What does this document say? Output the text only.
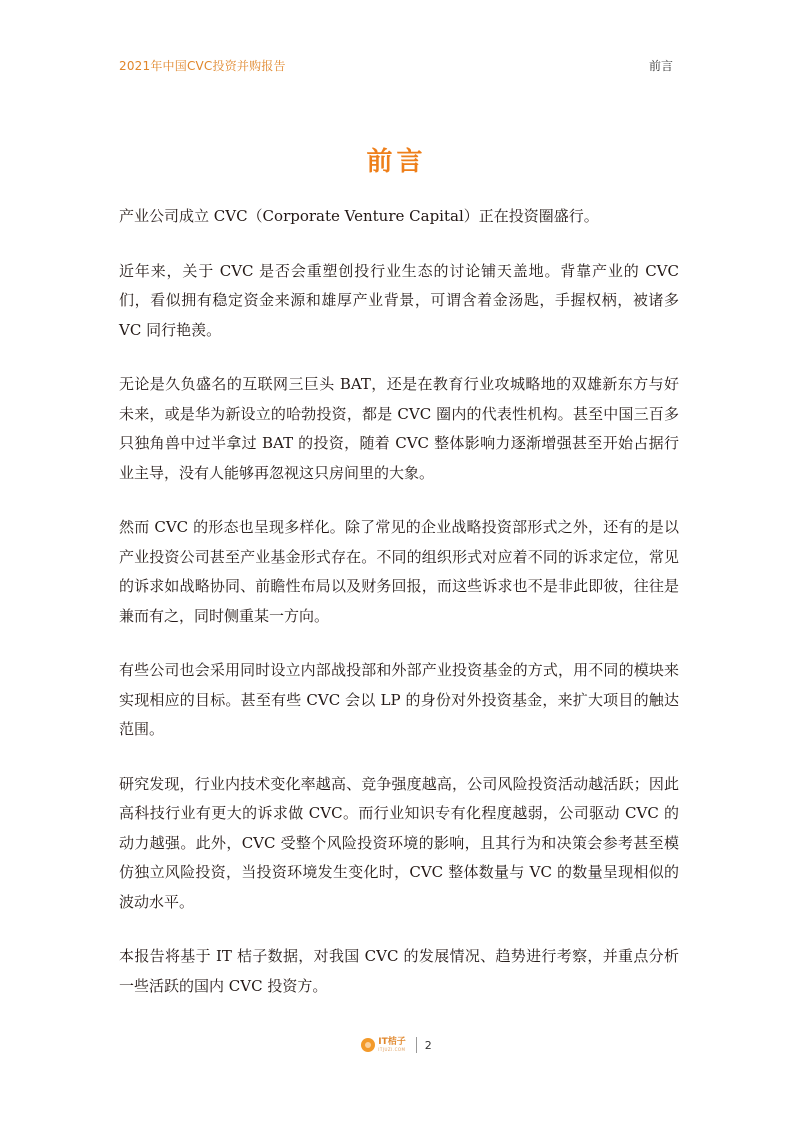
2021年中国CVC投资并购报告	前言
前言

产业公司成立 CVC（Corporate Venture Capital）正在投资圈盛行。

近年来，关于 CVC 是否会重塑创投行业生态的讨论铺天盖地。背靠产业的 CVC 们，看似拥有稳定资金来源和雄厚产业背景，可谓含着金汤匙，手握权柄，被诸多 VC 同行艳羡。

无论是久负盛名的互联网三巨头 BAT，还是在教育行业攻城略地的双雄新东方与好未来，或是华为新设立的哈勃投资，都是 CVC 圈内的代表性机构。甚至中国三百多只独角兽中过半拿过 BAT 的投资，随着 CVC 整体影响力逐渐增强甚至开始占据行业主导，没有人能够再忽视这只房间里的大象。

然而 CVC 的形态也呈现多样化。除了常见的企业战略投资部形式之外，还有的是以产业投资公司甚至产业基金形式存在。不同的组织形式对应着不同的诉求定位，常见的诉求如战略协同、前瞻性布局以及财务回报，而这些诉求也不是非此即彼，往往是兼而有之，同时侧重某一方向。

有些公司也会采用同时设立内部战投部和外部产业投资基金的方式，用不同的模块来实现相应的目标。甚至有些 CVC 会以 LP 的身份对外投资基金，来扩大项目的触达范围。

研究发现，行业内技术变化率越高、竞争强度越高，公司风险投资活动越活跃；因此高科技行业有更大的诉求做 CVC。而行业知识专有化程度越弱，公司驱动 CVC 的动力越强。此外，CVC 受整个风险投资环境的影响，且其行为和决策会参考甚至模仿独立风险投资，当投资环境发生变化时，CVC 整体数量与 VC 的数量呈现相似的波动水平。

本报告将基于 IT 桔子数据，对我国 CVC 的发展情况、趋势进行考察，并重点分析一些活跃的国内 CVC 投资方。

IT桔子
ITJUZI.COM 2
